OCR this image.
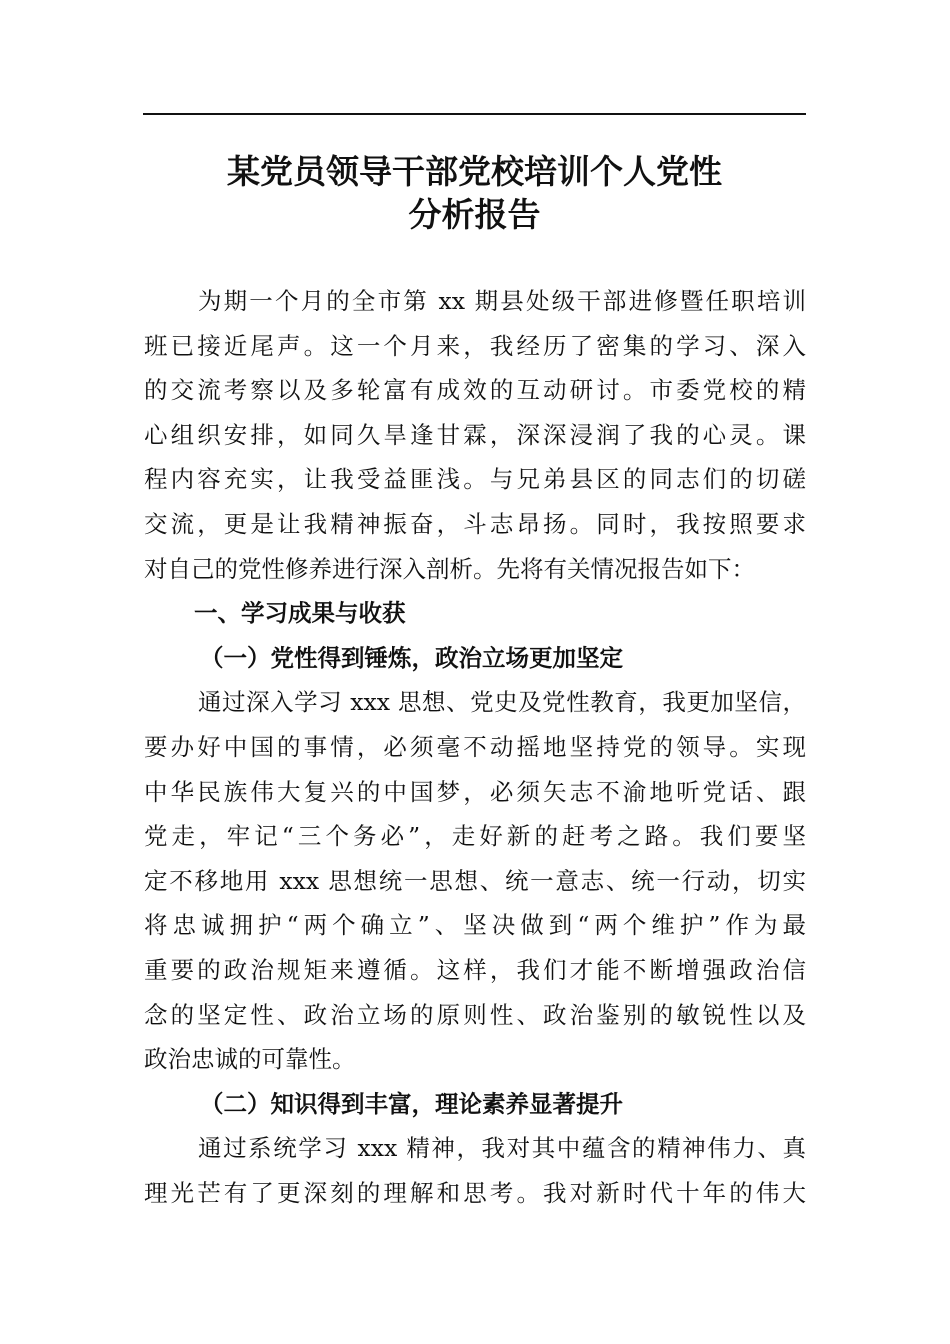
某党员领导干部党校培训个人党性
分析报告
为期一个月的全市第 xx 期县处级干部进修暨任职培训
班已接近尾声。这一个月来，我经历了密集的学习、深入
的交流考察以及多轮富有成效的互动研讨。市委党校的精
心组织安排，如同久旱逢甘霖，深深浸润了我的心灵。课
程内容充实，让我受益匪浅。与兄弟县区的同志们的切磋
交流，更是让我精神振奋，斗志昂扬。同时，我按照要求
对自己的党性修养进行深入剖析。先将有关情况报告如下：
一、学习成果与收获
（一）党性得到锤炼，政治立场更加坚定
通过深入学习 xxx 思想、党史及党性教育，我更加坚信，
要办好中国的事情，必须毫不动摇地坚持党的领导。实现
中华民族伟大复兴的中国梦，必须矢志不渝地听党话、跟
党走，牢记“三个务必”，走好新的赶考之路。我们要坚
定不移地用 xxx 思想统一思想、统一意志、统一行动，切实
将忠诚拥护“两个确立”、坚决做到“两个维护”作为最
重要的政治规矩来遵循。这样，我们才能不断增强政治信
念的坚定性、政治立场的原则性、政治鉴别的敏锐性以及
政治忠诚的可靠性。
（二）知识得到丰富，理论素养显著提升
通过系统学习 xxx 精神，我对其中蕴含的精神伟力、真
理光芒有了更深刻的理解和思考。我对新时代十年的伟大
